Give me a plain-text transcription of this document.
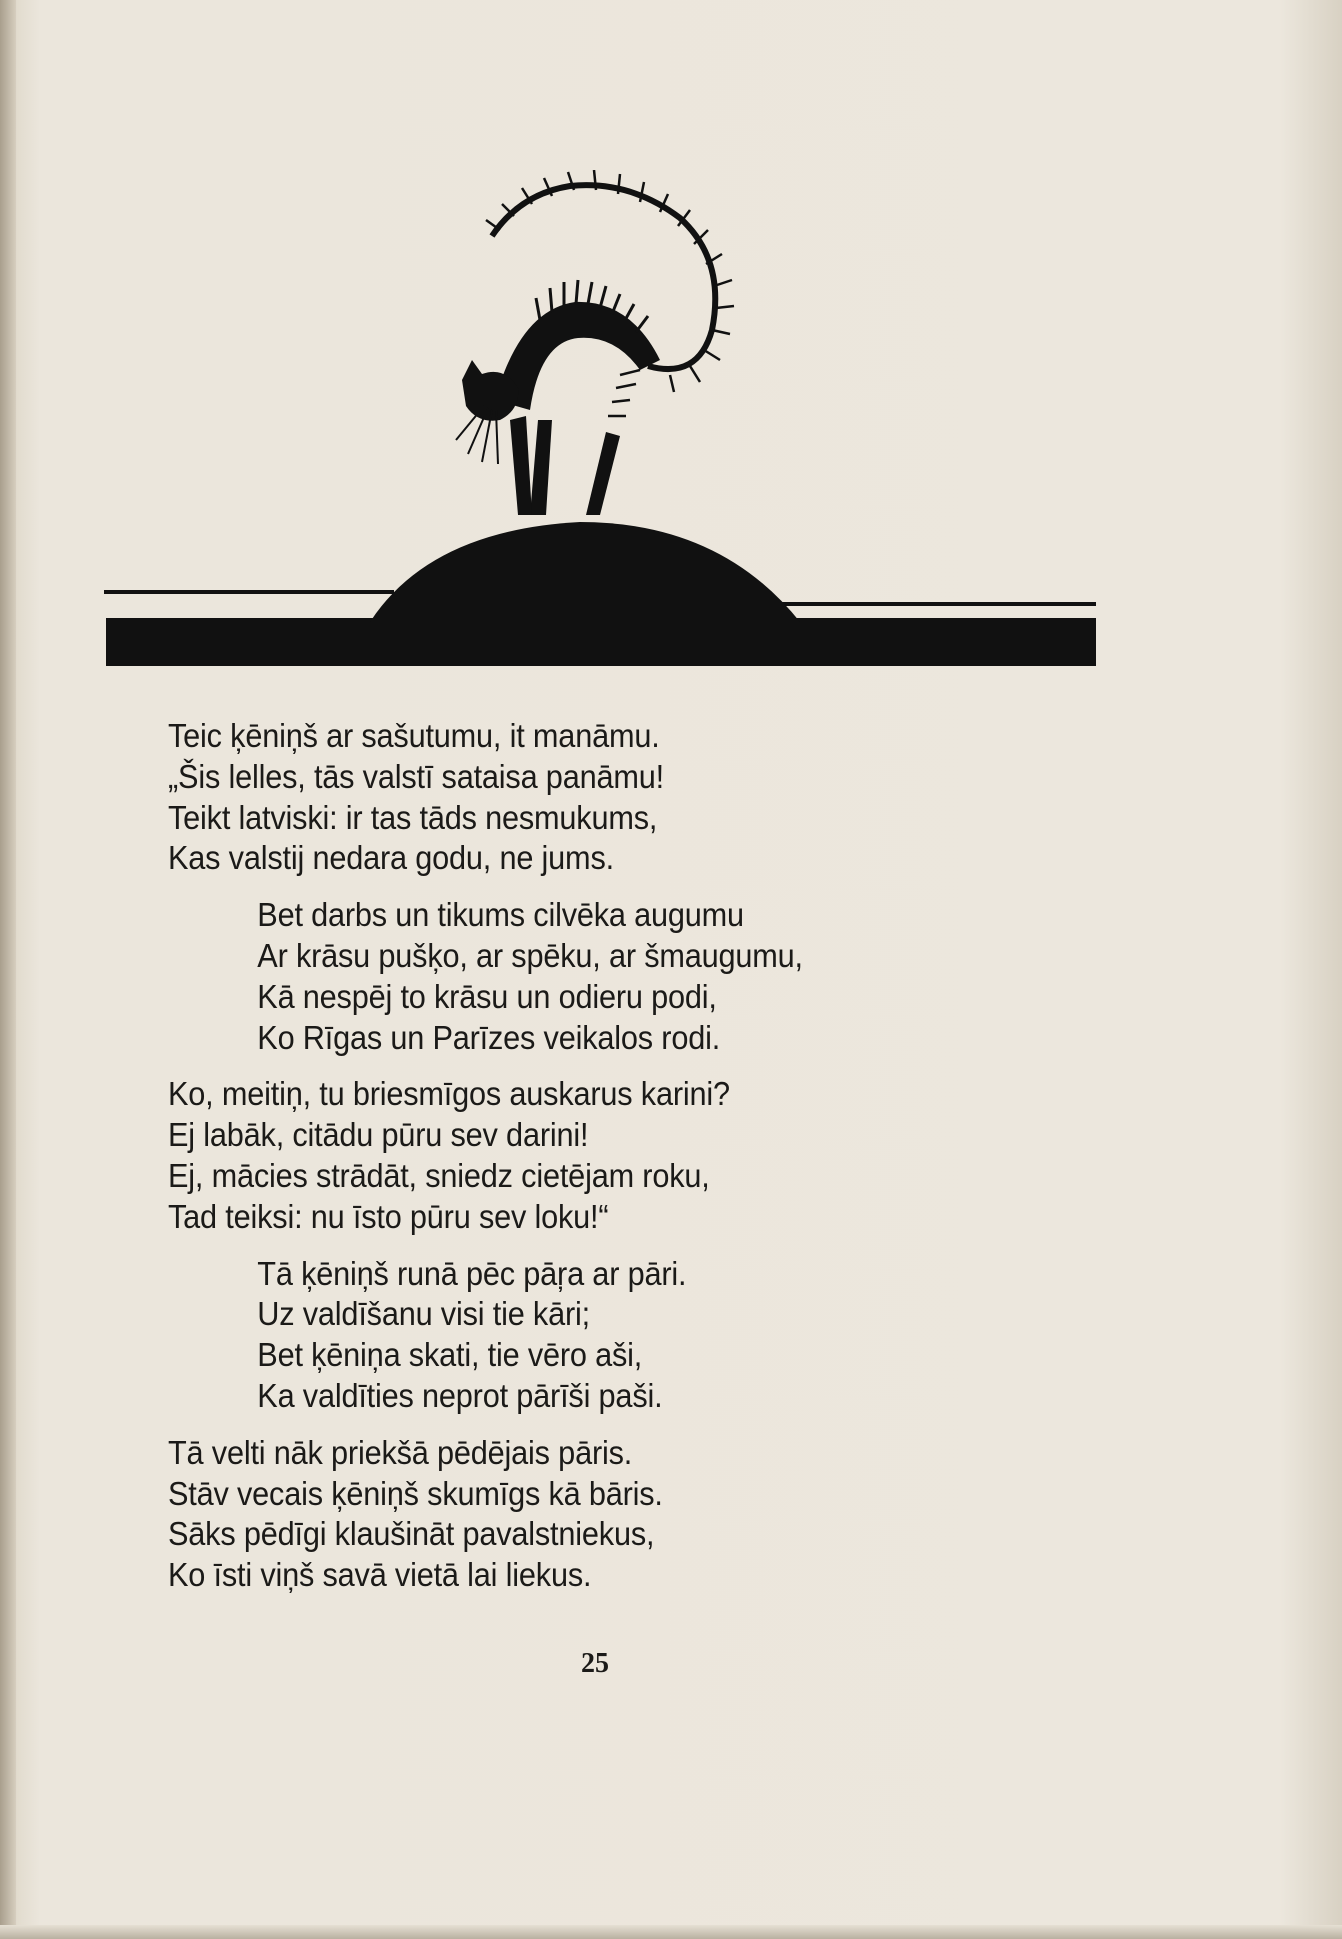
Teic ķēniņš ar sašutumu, it manāmu.
„Šis lelles, tās valstī sataisa panāmu!
Teikt latviski: ir tas tāds nesmukums,
Kas valstij nedara godu, ne jums.
Bet darbs un tikums cilvēka augumu
Ar krāsu pušķo, ar spēku, ar šmaugumu,
Kā nespēj to krāsu un odieru podi,
Ko Rīgas un Parīzes veikalos rodi.
Ko, meitiņ, tu briesmīgos auskarus karini?
Ej labāk, citādu pūru sev darini!
Ej, mācies strādāt, sniedz cietējam roku,
Tad teiksi: nu īsto pūru sev loku!“
Tā ķēniņš runā pēc pāŗa ar pāri.
Uz valdīšanu visi tie kāri;
Bet ķēniņa skati, tie vēro aši,
Ka valdīties neprot pārīši paši.
Tā velti nāk priekšā pēdējais pāris.
Stāv vecais ķēniņš skumīgs kā bāris.
Sāks pēdīgi klaušināt pavalstniekus,
Ko īsti viņš savā vietā lai liekus.
25
